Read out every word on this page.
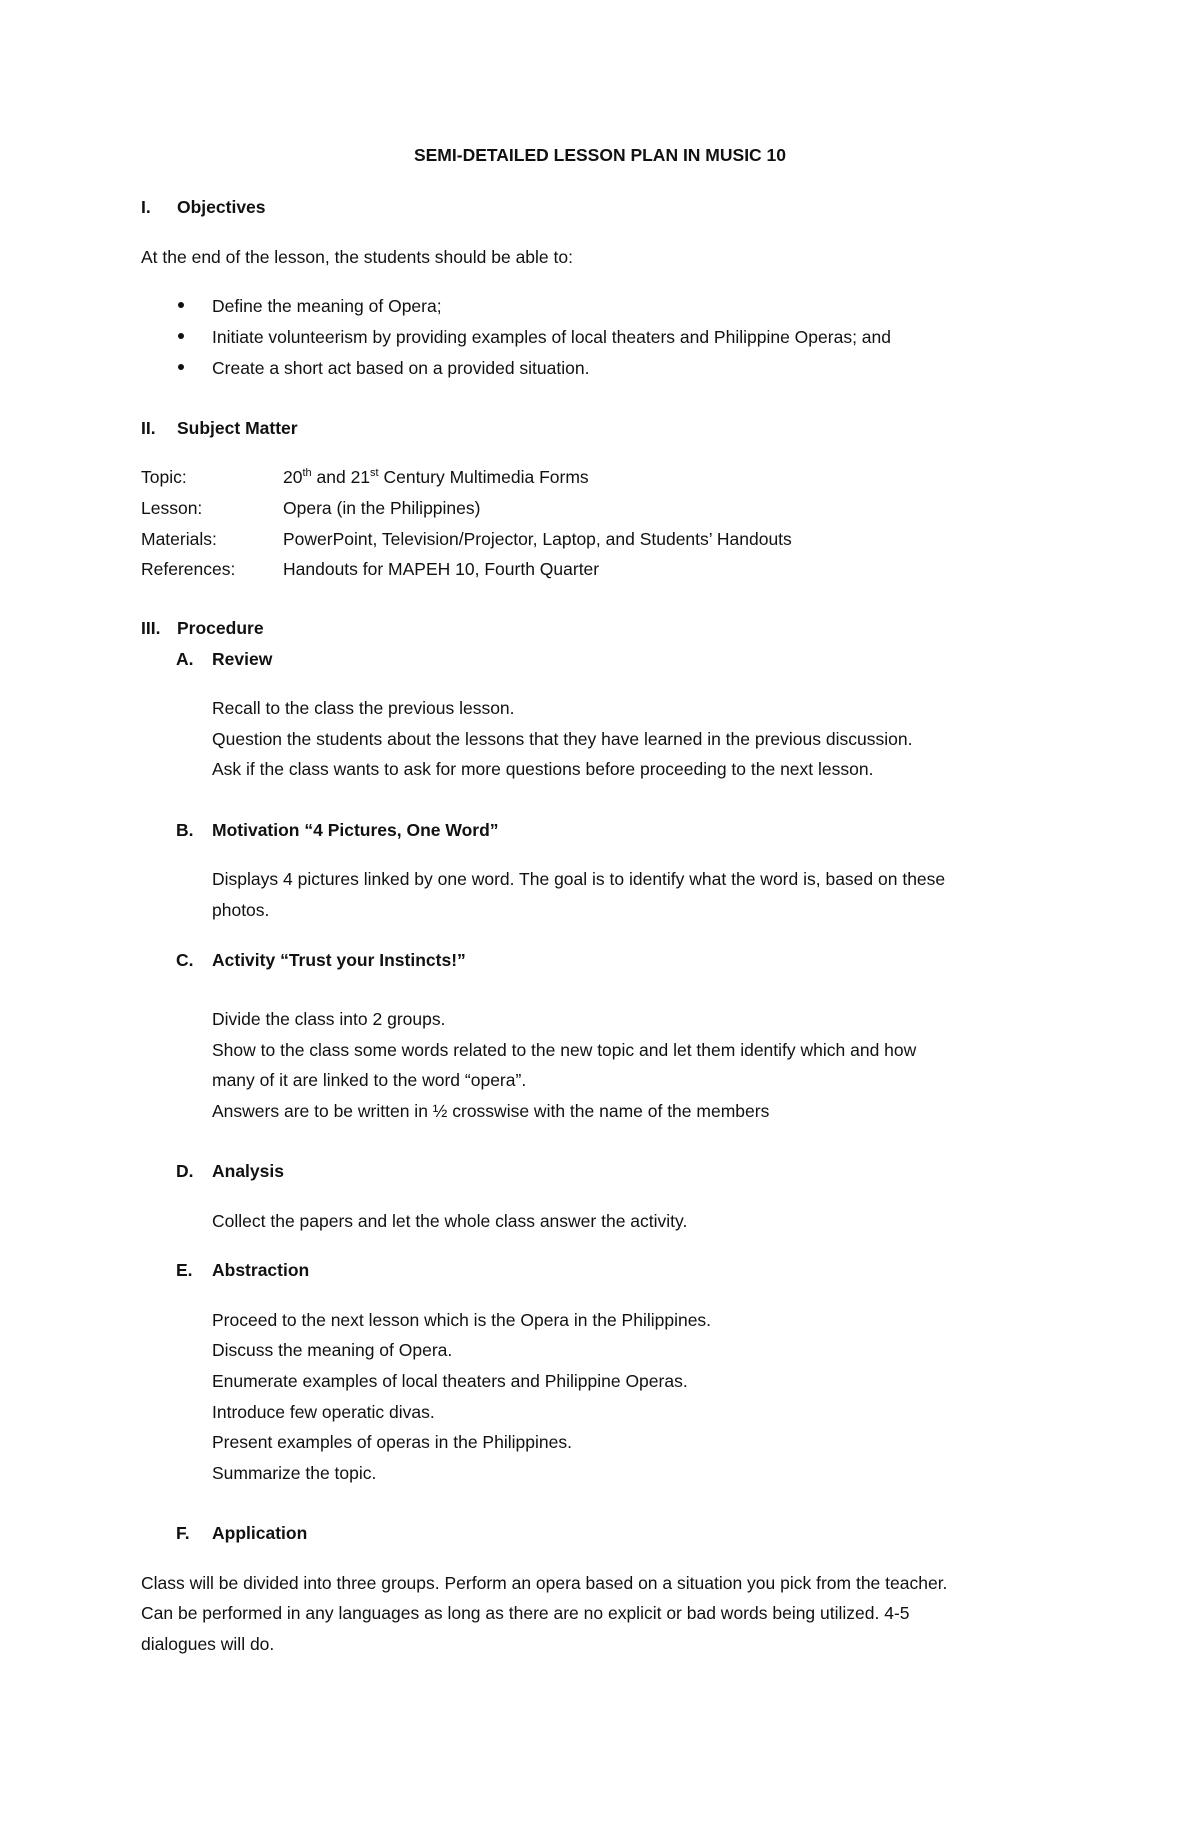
SEMI-DETAILED LESSON PLAN IN MUSIC 10
I. Objectives
At the end of the lesson, the students should be able to:
Define the meaning of Opera;
Initiate volunteerism by providing examples of local theaters and Philippine Operas; and
Create a short act based on a provided situation.
II. Subject Matter
Topic:	20th and 21st Century Multimedia Forms
Lesson:	Opera (in the Philippines)
Materials:	PowerPoint, Television/Projector, Laptop, and Students’ Handouts
References:	Handouts for MAPEH 10, Fourth Quarter
III. Procedure
A. Review
Recall to the class the previous lesson.
Question the students about the lessons that they have learned in the previous discussion.
Ask if the class wants to ask for more questions before proceeding to the next lesson.
B. Motivation “4 Pictures, One Word”
Displays 4 pictures linked by one word. The goal is to identify what the word is, based on these
photos.
C. Activity “Trust your Instincts!”
Divide the class into 2 groups.
Show to the class some words related to the new topic and let them identify which and how
many of it are linked to the word “opera”.
Answers are to be written in ½ crosswise with the name of the members
D. Analysis
Collect the papers and let the whole class answer the activity.
E. Abstraction
Proceed to the next lesson which is the Opera in the Philippines.
Discuss the meaning of Opera.
Enumerate examples of local theaters and Philippine Operas.
Introduce few operatic divas.
Present examples of operas in the Philippines.
Summarize the topic.
F. Application
Class will be divided into three groups. Perform an opera based on a situation you pick from the teacher.
Can be performed in any languages as long as there are no explicit or bad words being utilized. 4-5
dialogues will do.
